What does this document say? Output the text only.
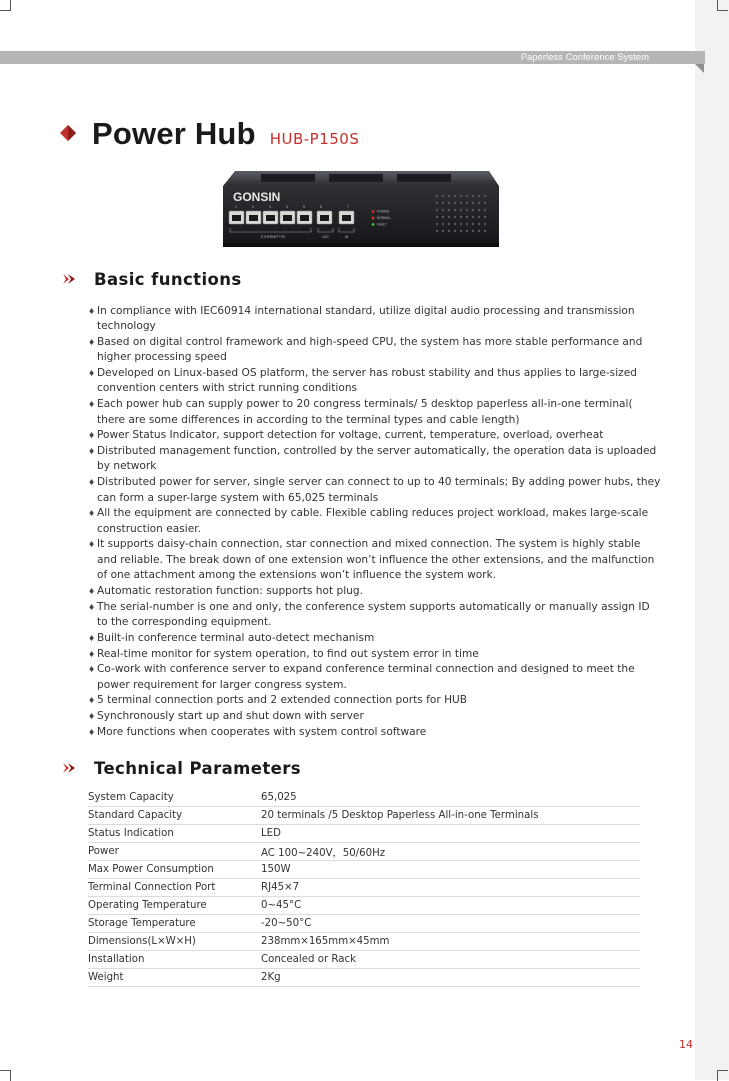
Paperless Conference System
Power Hub HUB-P150S
GONSIN
1	2	3	4	5	6	7
ETHERNET+PS	OUT	IN
POWER
NORMAL
FAULT
Basic functions
♦ In compliance with IEC60914 international standard, utilize digital audio processing and transmission technology
♦ Based on digital control framework and high-speed CPU, the system has more stable performance and higher processing speed
♦ Developed on Linux-based OS platform, the server has robust stability and thus applies to large-sized convention centers with strict running conditions
♦ Each power hub can supply power to 20 congress terminals/ 5 desktop paperless all-in-one terminal( there are some differences in according to the terminal types and cable length)
♦ Power Status Indicator, support detection for voltage, current, temperature, overload, overheat
♦ Distributed management function, controlled by the server automatically, the operation data is uploaded by network
♦ Distributed power for server, single server can connect to up to 40 terminals; By adding power hubs, they can form a super-large system with 65,025 terminals
♦ All the equipment are connected by cable. Flexible cabling reduces project workload, makes large-scale construction easier.
♦ It supports daisy-chain connection, star connection and mixed connection. The system is highly stable and reliable. The break down of one extension won’t influence the other extensions, and the malfunction of one attachment among the extensions won’t influence the system work.
♦ Automatic restoration function: supports hot plug.
♦ The serial-number is one and only, the conference system supports automatically or manually assign ID to the corresponding equipment.
♦ Built-in conference terminal auto-detect mechanism
♦ Real-time monitor for system operation, to find out system error in time
♦ Co-work with conference server to expand conference terminal connection and designed to meet the power requirement for larger congress system.
♦ 5 terminal connection ports and 2 extended connection ports for HUB
♦ Synchronously start up and shut down with server
♦ More functions when cooperates with system control software
Technical Parameters
System Capacity	65,025
Standard Capacity	20 terminals /5 Desktop Paperless All-in-one Terminals
Status Indication	LED
Power	AC 100~240V，50/60Hz
Max Power Consumption	150W
Terminal Connection Port	RJ45×7
Operating Temperature	0~45°C
Storage Temperature	-20~50°C
Dimensions(L×W×H)	238mm×165mm×45mm
Installation	Concealed or Rack
Weight	2Kg
14
